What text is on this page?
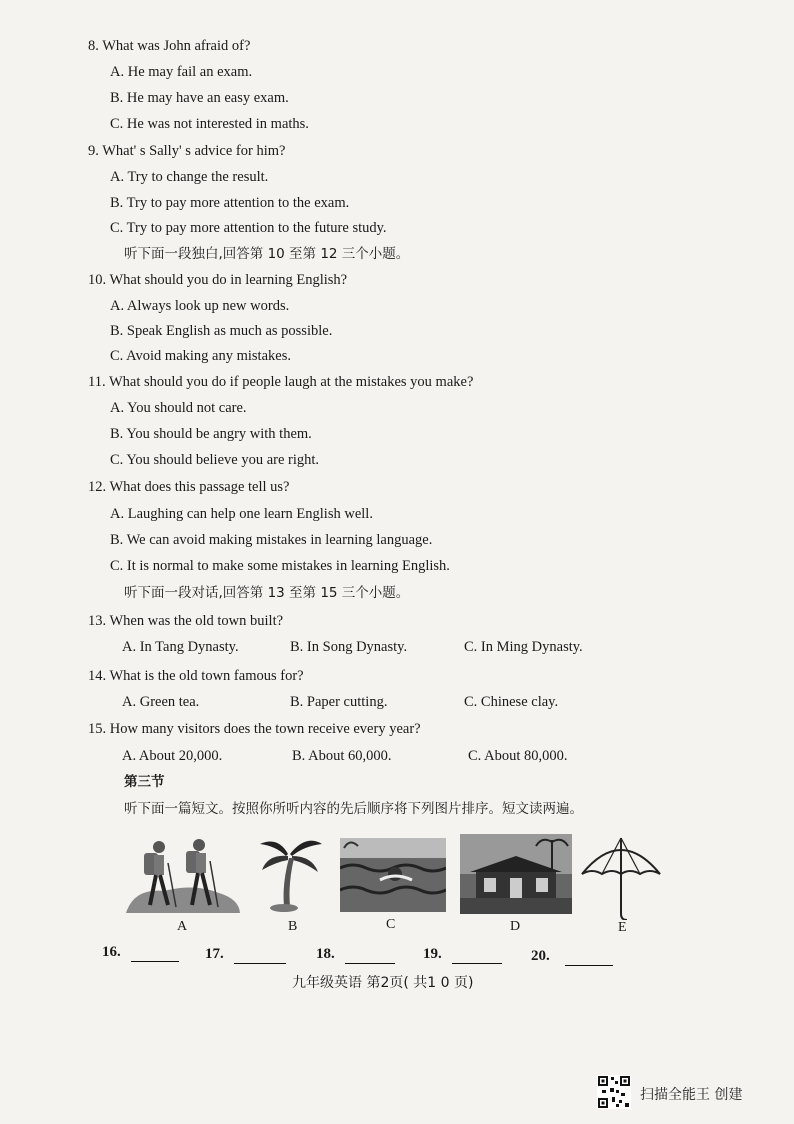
8. What was John afraid of?
A. He may fail an exam.
B. He may have an easy exam.
C. He was not interested in maths.
9. What' s Sally' s advice for him?
A. Try to change the result.
B. Try to pay more attention to the exam.
C. Try to pay more attention to the future study.
听下面一段独白,回答第 10 至第 12 三个小题。
10. What should you do in learning English?
A. Always look up new words.
B. Speak English as much as possible.
C. Avoid making any mistakes.
11. What should you do if people laugh at the mistakes you make?
A. You should not care.
B. You should be angry with them.
C. You should believe you are right.
12. What does this passage tell us?
A. Laughing can help one learn English well.
B. We can avoid making mistakes in learning language.
C. It is normal to make some mistakes in learning English.
听下面一段对话,回答第 13 至第 15 三个小题。
13. When was the old town built?
A. In Tang Dynasty.	B. In Song Dynasty.	C. In Ming Dynasty.
14. What is the old town famous for?
A. Green tea.	B. Paper cutting.	C. Chinese clay.
15. How many visitors does the town receive every year?
A. About 20,000.	B. About 60,000.	C. About 80,000.
第三节
听下面一篇短文。按照你所听内容的先后顺序将下列图片排序。短文读两遍。
A	B	C	D	E
16.	17.	18.	19.	20.
九年级英语 第2页( 共1 0 页)
扫描全能王 创建
